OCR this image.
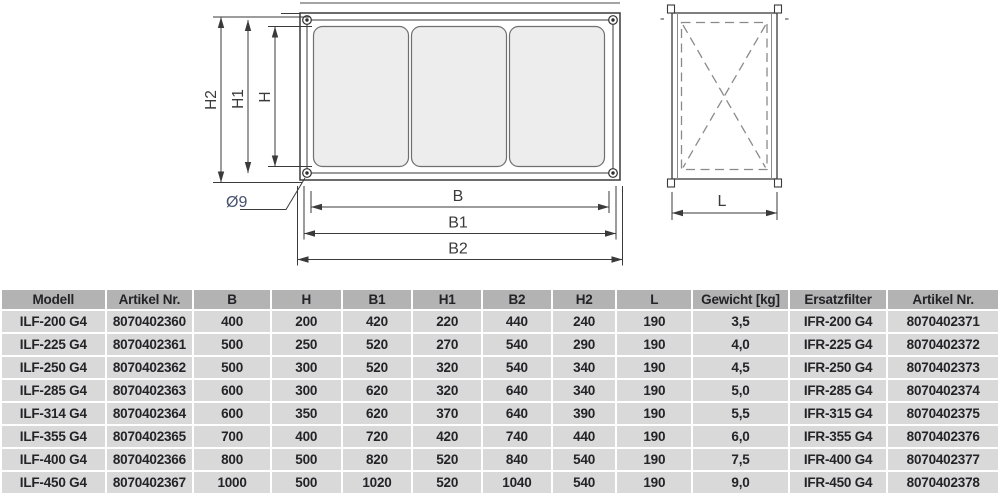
H2 H1 H
Ø9	B
B1
B2
L
Modell	Artikel Nr.	B	H	B1	H1	B2	H2	L	Gewicht [kg]	Ersatzfilter	Artikel Nr.
ILF-200 G4	8070402360	400	200	420	220	440	240	190	3,5	IFR-200 G4	8070402371
ILF-225 G4	8070402361	500	250	520	270	540	290	190	4,0	IFR-225 G4	8070402372
ILF-250 G4	8070402362	500	300	520	320	540	340	190	4,5	IFR-250 G4	8070402373
ILF-285 G4	8070402363	600	300	620	320	640	340	190	5,0	IFR-285 G4	8070402374
ILF-314 G4	8070402364	600	350	620	370	640	390	190	5,5	IFR-315 G4	8070402375
ILF-355 G4	8070402365	700	400	720	420	740	440	190	6,0	IFR-355 G4	8070402376
ILF-400 G4	8070402366	800	500	820	520	840	540	190	7,5	IFR-400 G4	8070402377
ILF-450 G4	8070402367	1000	500	1020	520	1040	540	190	9,0	IFR-450 G4	8070402378
